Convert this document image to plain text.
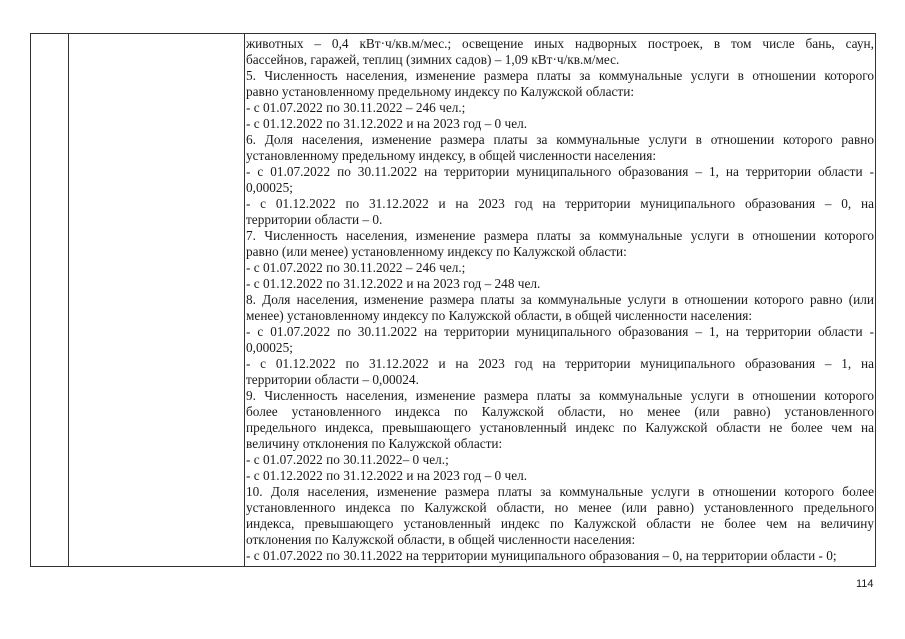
животных – 0,4 кВт·ч/кв.м/мес.; освещение иных надворных построек, в том числе бань, саун,
бассейнов, гаражей, теплиц (зимних садов) – 1,09 кВт·ч/кв.м/мес.
5. Численность населения, изменение размера платы за коммунальные услуги в отношении которого
равно установленному предельному индексу по Калужской области:
- с 01.07.2022 по 30.11.2022 – 246 чел.;
- с 01.12.2022 по 31.12.2022 и на 2023 год – 0 чел.
6. Доля населения, изменение размера платы за коммунальные услуги в отношении которого равно
установленному предельному индексу, в общей численности населения:
- с 01.07.2022 по 30.11.2022 на территории муниципального образования – 1, на территории области -
0,00025;
- с 01.12.2022 по 31.12.2022 и на 2023 год на территории муниципального образования – 0, на
территории области – 0.
7. Численность населения, изменение размера платы за коммунальные услуги в отношении которого
равно (или менее) установленному индексу по Калужской области:
- с 01.07.2022 по 30.11.2022 – 246 чел.;
- с 01.12.2022 по 31.12.2022 и на 2023 год – 248 чел.
8. Доля населения, изменение размера платы за коммунальные услуги в отношении которого равно (или
менее) установленному индексу по Калужской области, в общей численности населения:
- с 01.07.2022 по 30.11.2022 на территории муниципального образования – 1, на территории области -
0,00025;
- с 01.12.2022 по 31.12.2022 и на 2023 год на территории муниципального образования – 1, на
территории области – 0,00024.
9. Численность населения, изменение размера платы за коммунальные услуги в отношении которого
более установленного индекса по Калужской области, но менее (или равно) установленного
предельного индекса, превышающего установленный индекс по Калужской области не более чем на
величину отклонения по Калужской области:
- с 01.07.2022 по 30.11.2022– 0 чел.;
- с 01.12.2022 по 31.12.2022 и на 2023 год – 0 чел.
10. Доля населения, изменение размера платы за коммунальные услуги в отношении которого более
установленного индекса по Калужской области, но менее (или равно) установленного предельного
индекса, превышающего установленный индекс по Калужской области не более чем на величину
отклонения по Калужской области, в общей численности населения:
- с 01.07.2022 по 30.11.2022 на территории муниципального образования – 0, на территории области - 0;
114
